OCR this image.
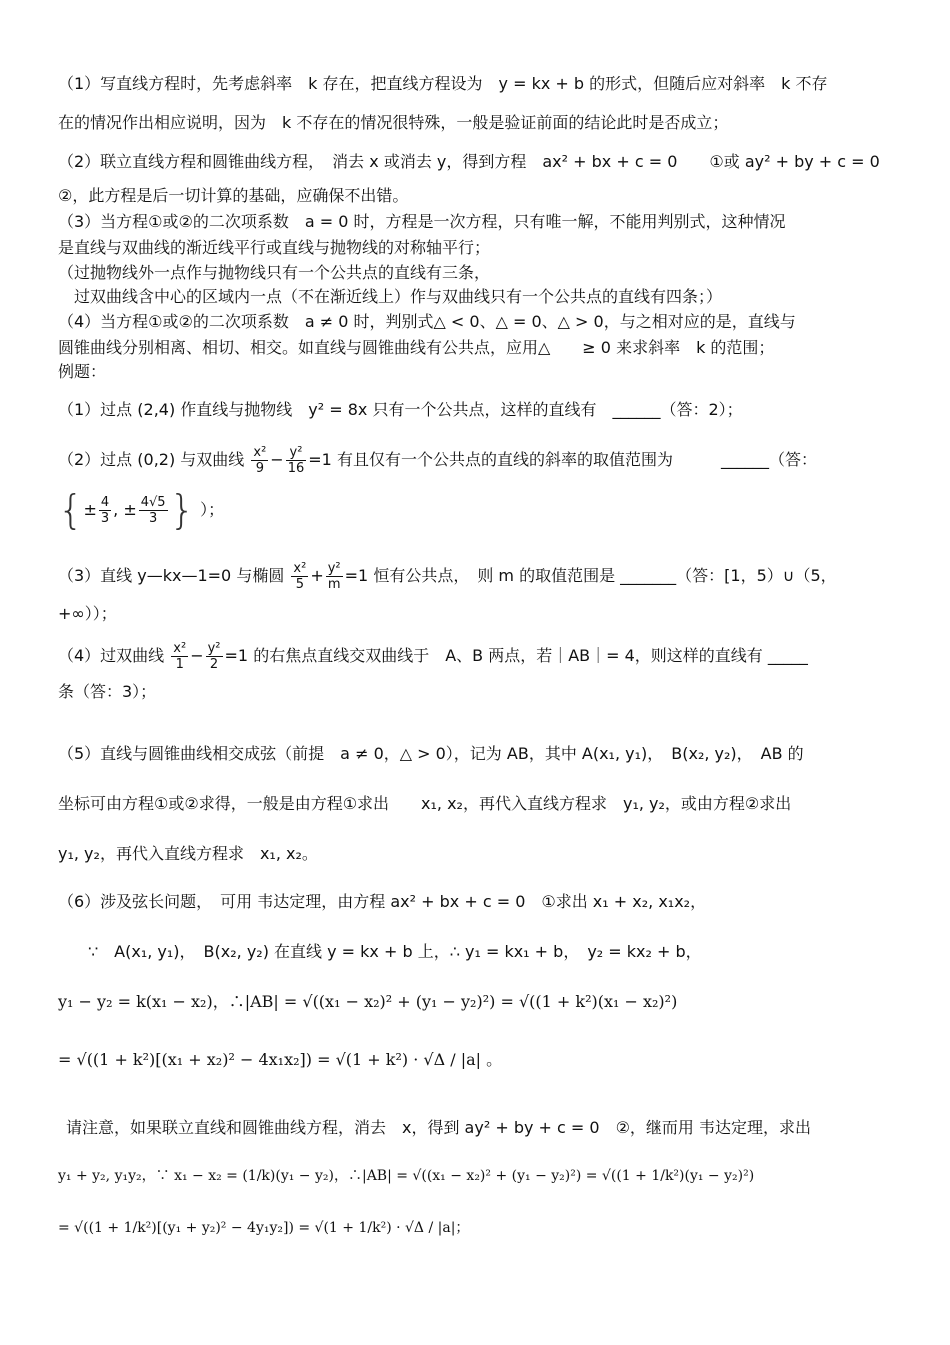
（1）写直线方程时，先考虑斜率　k 存在，把直线方程设为　y = kx + b 的形式，但随后应对斜率　k 不存
在的情况作出相应说明，因为　k 不存在的情况很特殊，一般是验证前面的结论此时是否成立；
（2）联立直线方程和圆锥曲线方程，　消去 x 或消去 y，得到方程　ax² + bx + c = 0　　①或 ay² + by + c = 0
②，此方程是后一切计算的基础，应确保不出错。
（3）当方程①或②的二次项系数　a = 0 时，方程是一次方程，只有唯一解，不能用判别式，这种情况
是直线与双曲线的渐近线平行或直线与抛物线的对称轴平行；
（过抛物线外一点作与抛物线只有一个公共点的直线有三条，
　过双曲线含中心的区域内一点（不在渐近线上）作与双曲线只有一个公共点的直线有四条；）
（4）当方程①或②的二次项系数　a ≠ 0 时，判别式△ < 0、△ = 0、△ > 0，与之相对应的是，直线与
圆锥曲线分别相离、相切、相交。如直线与圆锥曲线有公共点，应用△　　≥ 0 来求斜率　k 的范围；
例题：
（1）过点 (2,4) 作直线与抛物线　y² = 8x 只有一个公共点，这样的直线有　______（答：2）；
（2）过点 (0,2) 与双曲线 $\frac{\text{x²}}{9} - \frac{\text{y²}}{16} =1$ 有且仅有一个公共点的直线的斜率的取值范围为　　　______（答：
{± $\frac{4}{3}$ , ± $\frac{4√5}{3}$ } ）；
（3）直线 y—kx—1=0 与椭圆 $\frac{\text{x²}}{5} + \frac{\text{y²}}{m} =1$ 恒有公共点，　则 m 的取值范围是 _______（答：[1，5）∪（5，
+∞））；
（4）过双曲线 $\frac{\text{x²}}{1} - \frac{\text{y²}}{2} =1$ 的右焦点直线交双曲线于　A、B 两点，若｜AB｜= 4，则这样的直线有 _____
条（答：3）；
（5）直线与圆锥曲线相交成弦（前提　a ≠ 0，△ > 0），记为 AB，其中 A(x₁, y₁)，　B(x₂, y₂)，　AB 的
坐标可由方程①或②求得，一般是由方程①求出　　x₁, x₂，再代入直线方程求　y₁, y₂，或由方程②求出
y₁, y₂，再代入直线方程求　x₁, x₂。
（6）涉及弦长问题，　可用 韦达定理，由方程 ax² + bx + c = 0　①求出 x₁ + x₂, x₁x₂，
∵　A(x₁, y₁)，　B(x₂, y₂) 在直线 y = kx + b 上，∴ y₁ = kx₁ + b，　y₂ = kx₂ + b，
y₁ − y₂ = k(x₁ − x₂)，∴|AB| = √((x₁ − x₂)² + (y₁ − y₂)²) = √((1 + k²)(x₁ − x₂)²)
= √((1 + k²)[(x₁ + x₂)² − 4x₁x₂]) = √(1 + k²) · √Δ / |a| 。
请注意，如果联立直线和圆锥曲线方程，消去　x，得到 ay² + by + c = 0　②，继而用 韦达定理，求出
y₁ + y₂, y₁y₂，∵ x₁ − x₂ = (1/k)(y₁ − y₂)，∴|AB| = √((x₁ − x₂)² + (y₁ − y₂)²) = √((1 + 1/k²)(y₁ − y₂)²)
= √((1 + 1/k²)[(y₁ + y₂)² − 4y₁y₂]) = √(1 + 1/k²) · √Δ / |a|；
